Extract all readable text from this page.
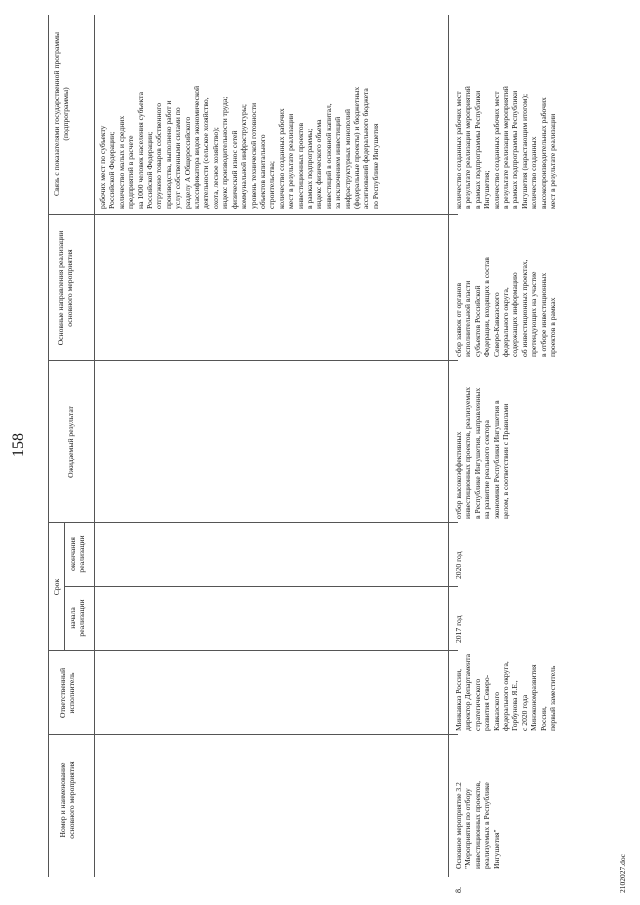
158
Номер и наименование основного мероприятия
Ответственный исполнитель
Срок
начала реализации
окончания реализации
Ожидаемый результат
Основные направления реализации основного мероприятия
Связь с показателями государственной программы (подпрограммы)
рабочих мест по субъекту
Российской Федерации;
количество малых и средних
предприятий в расчете
на 1000 человек населения субъекта
Российской Федерации;
отгружено товаров собственного
производства, выполнено работ и
услуг собственными силами по
разделу A Общероссийского
классификатора видов экономической
деятельности (сельское хозяйство,
охота, лесное хозяйство);
индекс производительности труда;
физический износ сетей
коммунальной инфраструктуры;
уровень технической готовности
объектов капитального
строительства;
количество созданных рабочих
мест в результате реализации
инвестиционных проектов
в рамках подпрограммы;
индекс физического объема
инвестиций в основной капитал,
за исключением инвестиций
инфраструктурных монополий
(федеральные проекты) и бюджетных
ассигнований федерального бюджета
по Республике Ингушетия
8.
Основное мероприятие 3.2
"Мероприятия по отбору
инвестиционных проектов,
реализуемых в Республике
Ингушетия"
Минкавказ России,
директор Департамента
стратегического
развития Северо-
Кавказского
федерального округа,
Горбунова Я.Е.,
с 2020 года
Минэкономразвития
России,
первый заместитель
2017 год
2020 год
отбор высокоэффективных
инвестиционных проектов, реализуемых
в Республике Ингушетия, направленных
на развитие реального сектора
экономики Республики Ингушетия в
целом, в соответствии с Правилами
сбор заявок от органов
исполнительной власти
субъектов Российской
Федерации, входящих в состав
Северо-Кавказского
федерального округа,
содержащих информацию
об инвестиционных проектах,
претендующих на участие
в отборе инвестиционных
проектов в рамках
количество созданных рабочих мест
в результате реализации мероприятий
в рамках подпрограммы Республики
Ингушетия;
количество созданных рабочих мест
в результате реализации мероприятий
в рамках подпрограммы Республики
Ингушетия (нарастающим итогом);
количество созданных
высокопроизводительных рабочих
мест в результате реализации
2102027.doc
